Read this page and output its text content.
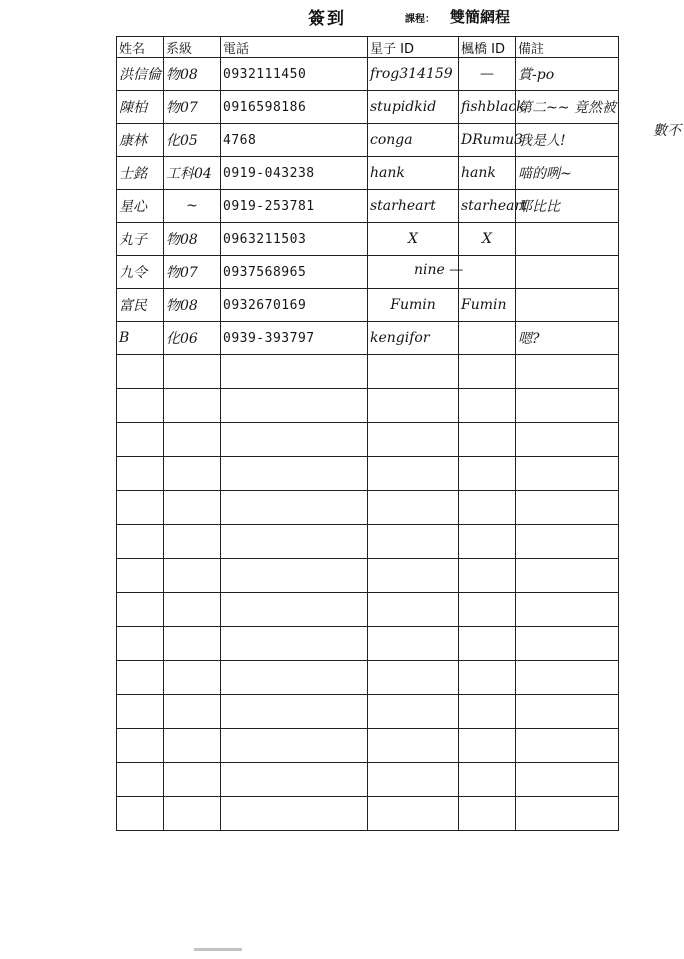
簽到	課程： 雙簡網程
姓名	系級	電話	星子 ID	楓橋 ID	備註
洪信倫	物08	0932111450	frog314159	—	賞-po
陳柏	物07	0916598186	stupidkid	fishblack	第二~~ 竟然被

康林	化05	4768	conga	DRumu3	我是人!
士銘	工科04	0919-043238	hank	hank	喵的咧~
星心	~	0919-253781	starheart	starheart	耶比比
丸子	物08	0963211503	X	X	
九令	物07	0937568965	nine —		

富民	物08	0932670169	Fumin	Fumin	
B	化06	0939-393797	kengifor		嗯?

數不
